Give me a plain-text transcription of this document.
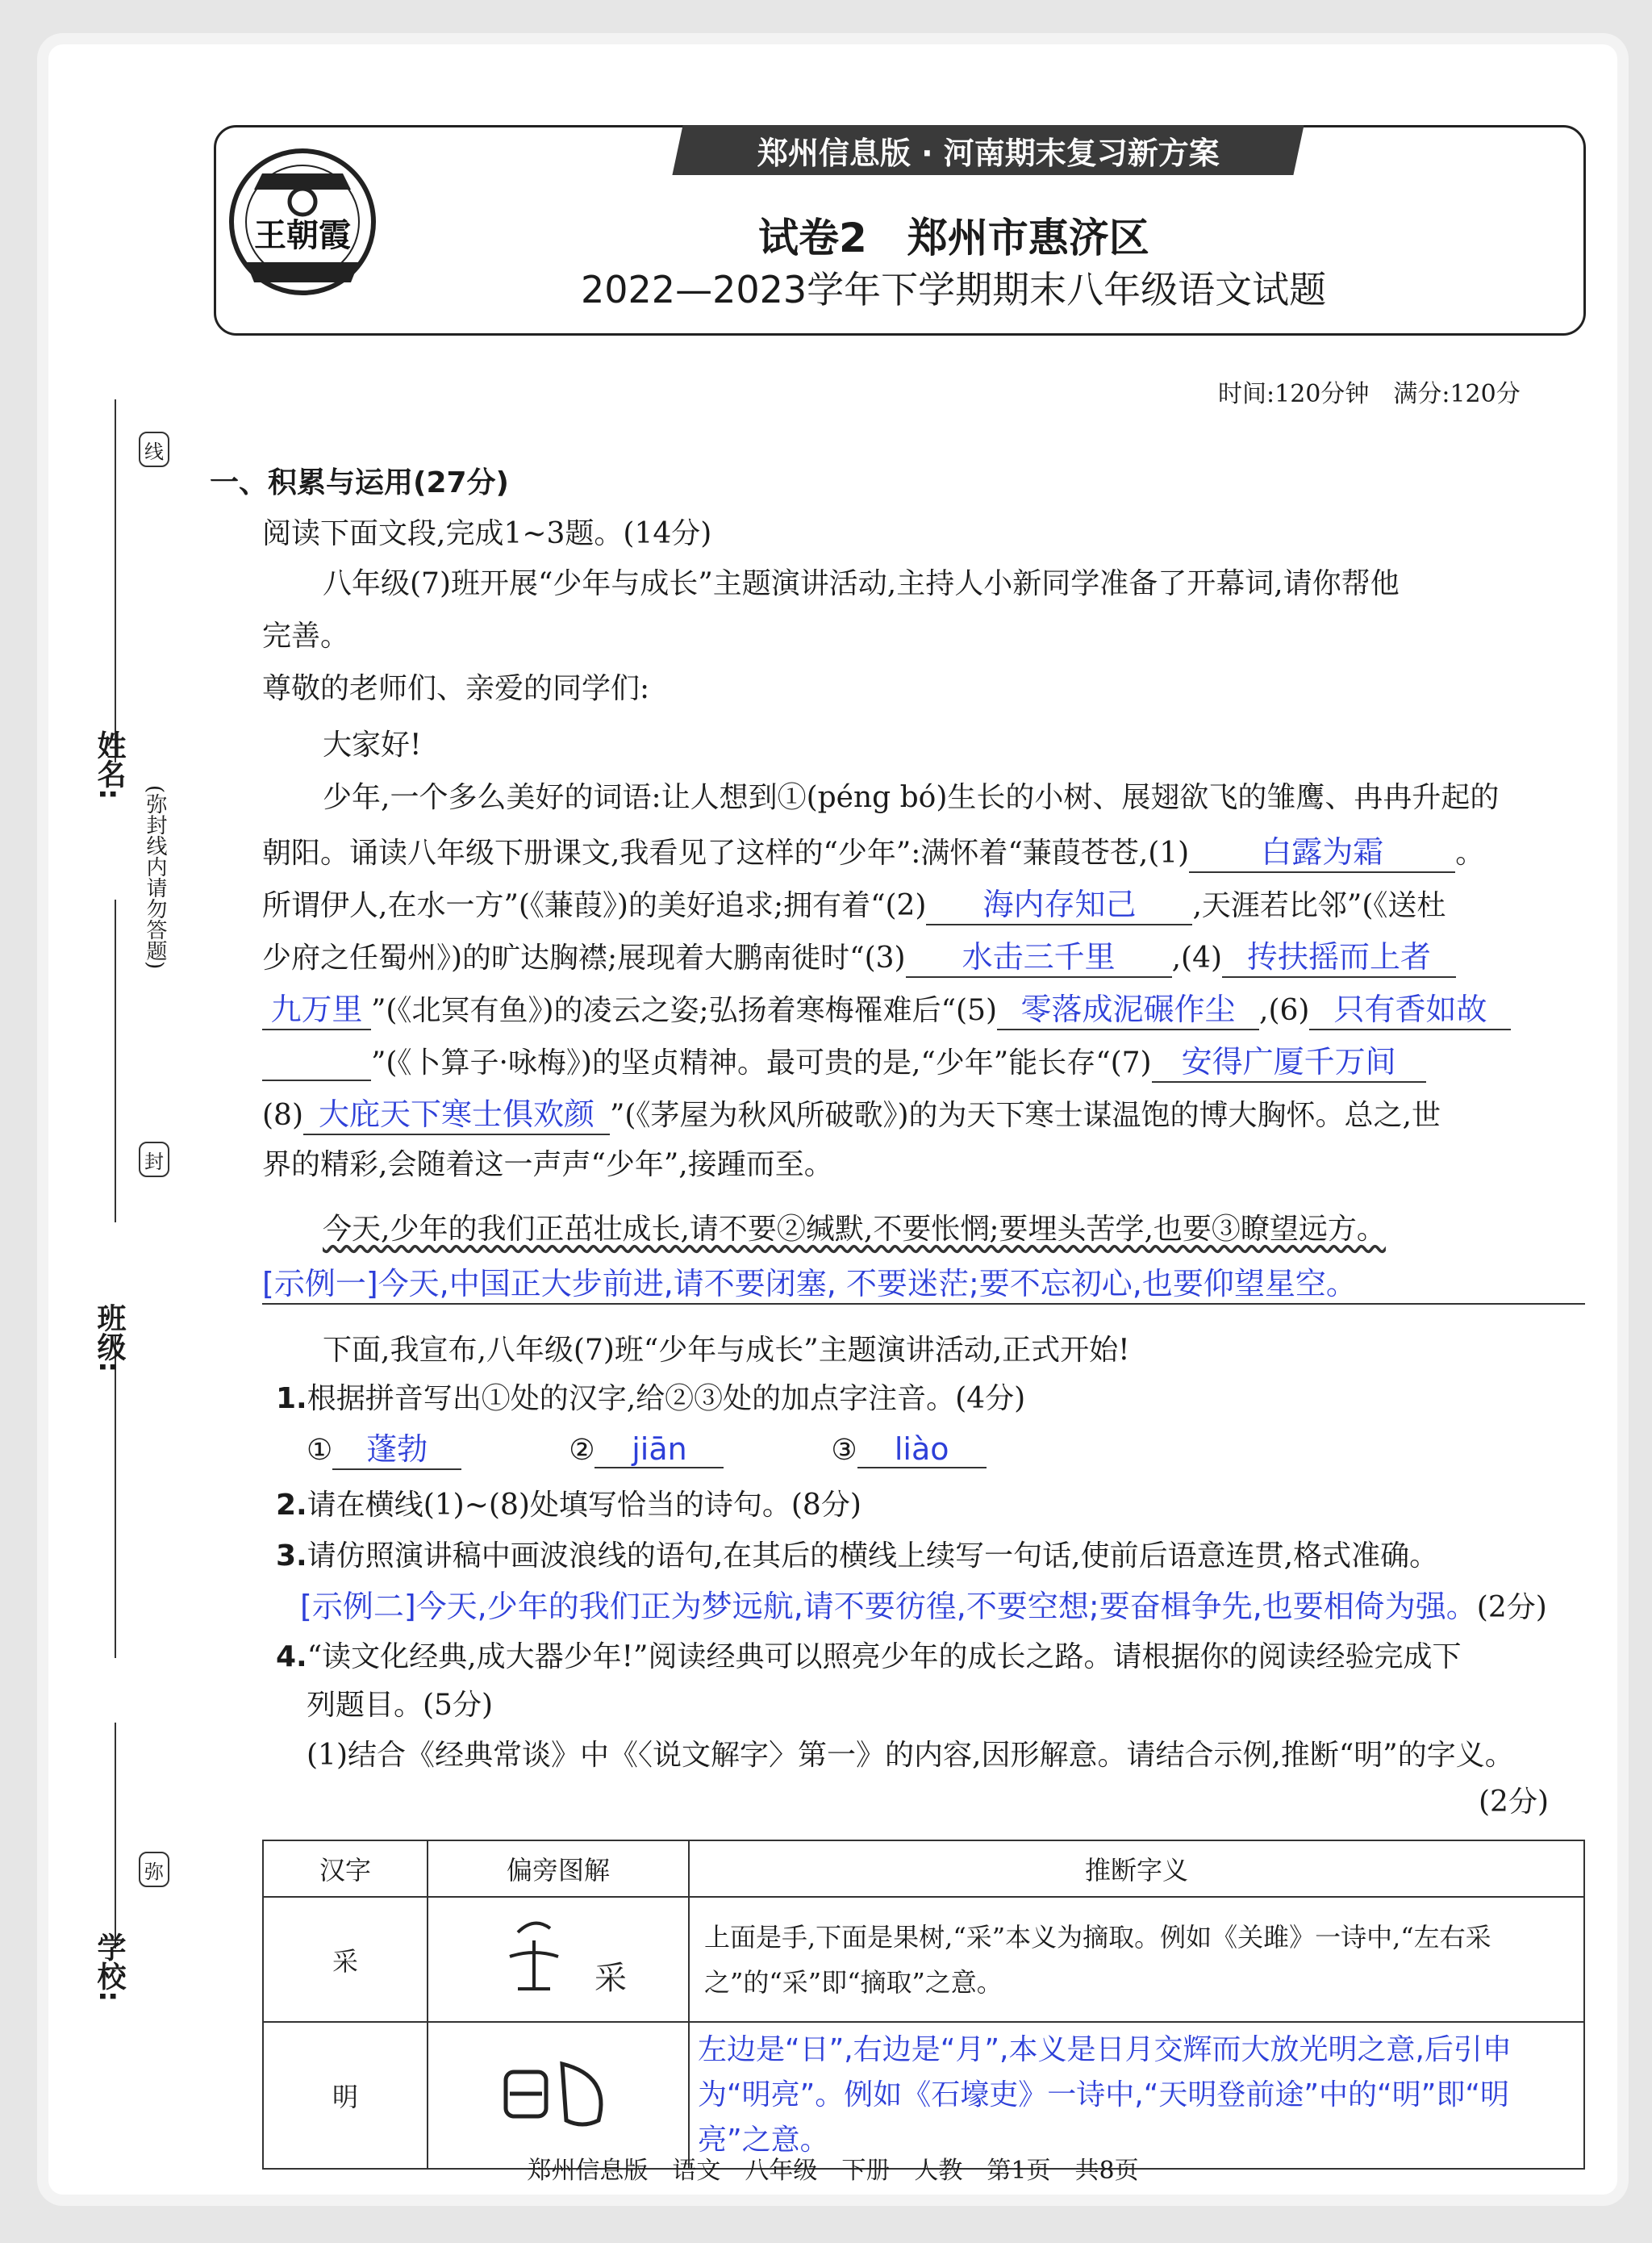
郑州信息版 · 河南期末复习新方案
王朝霞	试卷2　郑州市惠济区
2022—2023学年下学期期末八年级语文试题
时间:120分钟　满分:120分
姓名:
班级:
学校:
线
封
弥
(弥封线内请勿答题)
一、积累与运用(27分)
阅读下面文段,完成1~3题。(14分)
八年级(7)班开展“少年与成长”主题演讲活动,主持人小新同学准备了开幕词,请你帮他
完善。
尊敬的老师们、亲爱的同学们:
大家好!
少年,一个多么美好的词语:让人想到①(péng bó)生长的小树、展翅欲飞的雏鹰、冉冉升起的
朝阳。诵读八年级下册课文,我看见了这样的“少年”:满怀着“蒹葭苍苍,(1) 白露为霜 。
所谓伊人,在水一方”(《蒹葭》)的美好追求;拥有着“(2) 海内存知己 ,天涯若比邻”(《送杜
少府之任蜀州》)的旷达胸襟;展现着大鹏南徙时“(3) 水击三千里 ,(4) 抟扶摇而上者
九万里 ”(《北冥有鱼》)的凌云之姿;弘扬着寒梅罹难后“(5) 零落成泥碾作尘 ,(6) 只有香如故
”(《卜算子·咏梅》)的坚贞精神。最可贵的是,“少年”能长存“(7) 安得广厦千万间
(8) 大庇天下寒士俱欢颜 ”(《茅屋为秋风所破歌》)的为天下寒士谋温饱的博大胸怀。总之,世
界的精彩,会随着这一声声“少年”,接踵而至。
今天,少年的我们正茁壮成长,请不要②缄默,不要怅惘;要埋头苦学,也要③瞭望远方。
[示例一]今天,中国正大步前进,请不要闭塞, 不要迷茫;要不忘初心,也要仰望星空。
下面,我宣布,八年级(7)班“少年与成长”主题演讲活动,正式开始!
1.根据拼音写出①处的汉字,给②③处的加点字注音。(4分)
① 蓬勃	② jiān	③ liào
2.请在横线(1)~(8)处填写恰当的诗句。(8分)
3.请仿照演讲稿中画波浪线的语句,在其后的横线上续写一句话,使前后语意连贯,格式准确。
[示例二]今天,少年的我们正为梦远航,请不要彷徨,不要空想;要奋楫争先,也要相倚为强。(2分)
4.“读文化经典,成大器少年!”阅读经典可以照亮少年的成长之路。请根据你的阅读经验完成下
列题目。(5分)
(1)结合《经典常谈》中《〈说文解字〉第一》的内容,因形解意。请结合示例,推断“明”的字义。
(2分)
汉字	偏旁图解	推断字义
采	采	上面是手,下面是果树,“采”本义为摘取。例如《关雎》一诗中,“左右采之”的“采”即“摘取”之意。
明		左边是“日”,右边是“月”,本义是日月交辉而大放光明之意,后引申为“明亮”。例如《石壕吏》一诗中,“天明登前途”中的“明”即“明亮”之意。
郑州信息版　语文　八年级　下册　人教　第1页　共8页
